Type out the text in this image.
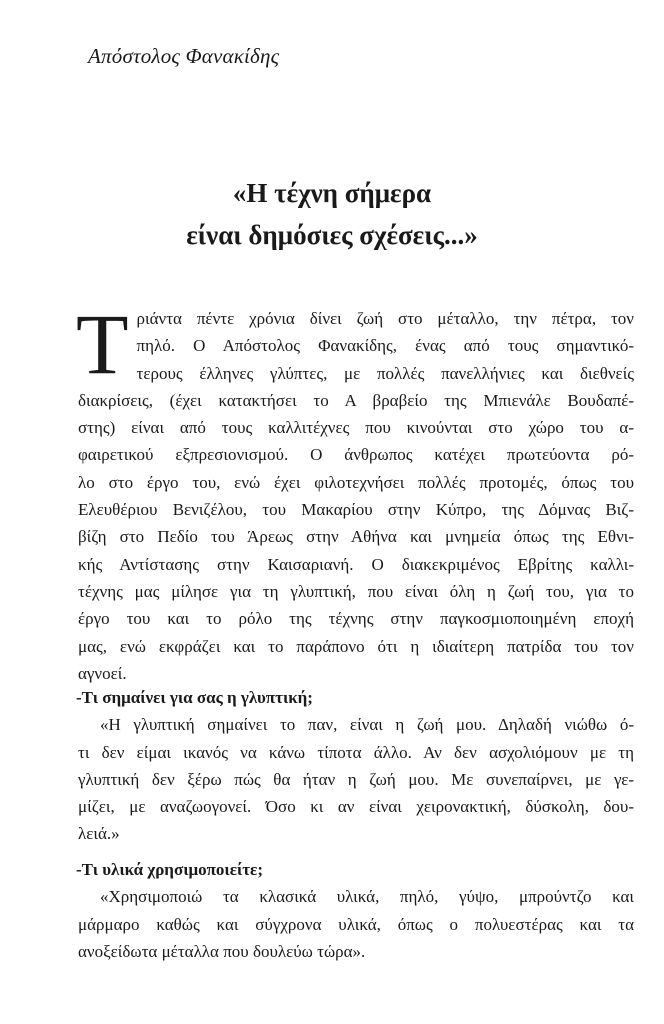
Απόστολος Φανακίδης
«Η τέχνη σήμερα
είναι δημόσιες σχέσεις...»
Τ ριάντα πέντε χρόνια δίνει ζωή στο μέταλλο, την πέτρα, τον
πηλό. Ο Απόστολος Φανακίδης, ένας από τους σημαντικό-
τερους έλληνες γλύπτες, με πολλές πανελλήνιες και διεθνείς
διακρίσεις, (έχει κατακτήσει το Α βραβείο της Μπιενάλε Βουδαπέ-
στης) είναι από τους καλλιτέχνες που κινούνται στο χώρο του α-
φαιρετικού εξπρεσιονισμού. Ο άνθρωπος κατέχει πρωτεύοντα ρό-
λο στο έργο του, ενώ έχει φιλοτεχνήσει πολλές προτομές, όπως του
Ελευθέριου Βενιζέλου, του Μακαρίου στην Κύπρο, της Δόμνας Βιζ-
βίζη στο Πεδίο του Άρεως στην Αθήνα και μνημεία όπως της Εθνι-
κής Αντίστασης στην Καισαριανή. Ο διακεκριμένος Εβρίτης καλλι-
τέχνης μας μίλησε για τη γλυπτική, που είναι όλη η ζωή του, για το
έργο του και το ρόλο της τέχνης στην παγκοσμιοποιημένη εποχή
μας, ενώ εκφράζει και το παράπονο ότι η ιδιαίτερη πατρίδα του τον
αγνοεί.
-Τι σημαίνει για σας η γλυπτική;
«Η γλυπτική σημαίνει το παν, είναι η ζωή μου. Δηλαδή νιώθω ό-
τι δεν είμαι ικανός να κάνω τίποτα άλλο. Αν δεν ασχολιόμουν με τη
γλυπτική δεν ξέρω πώς θα ήταν η ζωή μου. Με συνεπαίρνει, με γε-
μίζει, με αναζωογονεί. Όσο κι αν είναι χειρονακτική, δύσκολη, δου-
λειά.»
-Τι υλικά χρησιμοποιείτε;
«Χρησιμοποιώ τα κλασικά υλικά, πηλό, γύψο, μπρούντζο και
μάρμαρο καθώς και σύγχρονα υλικά, όπως ο πολυεστέρας και τα
ανοξείδωτα μέταλλα που δουλεύω τώρα».
